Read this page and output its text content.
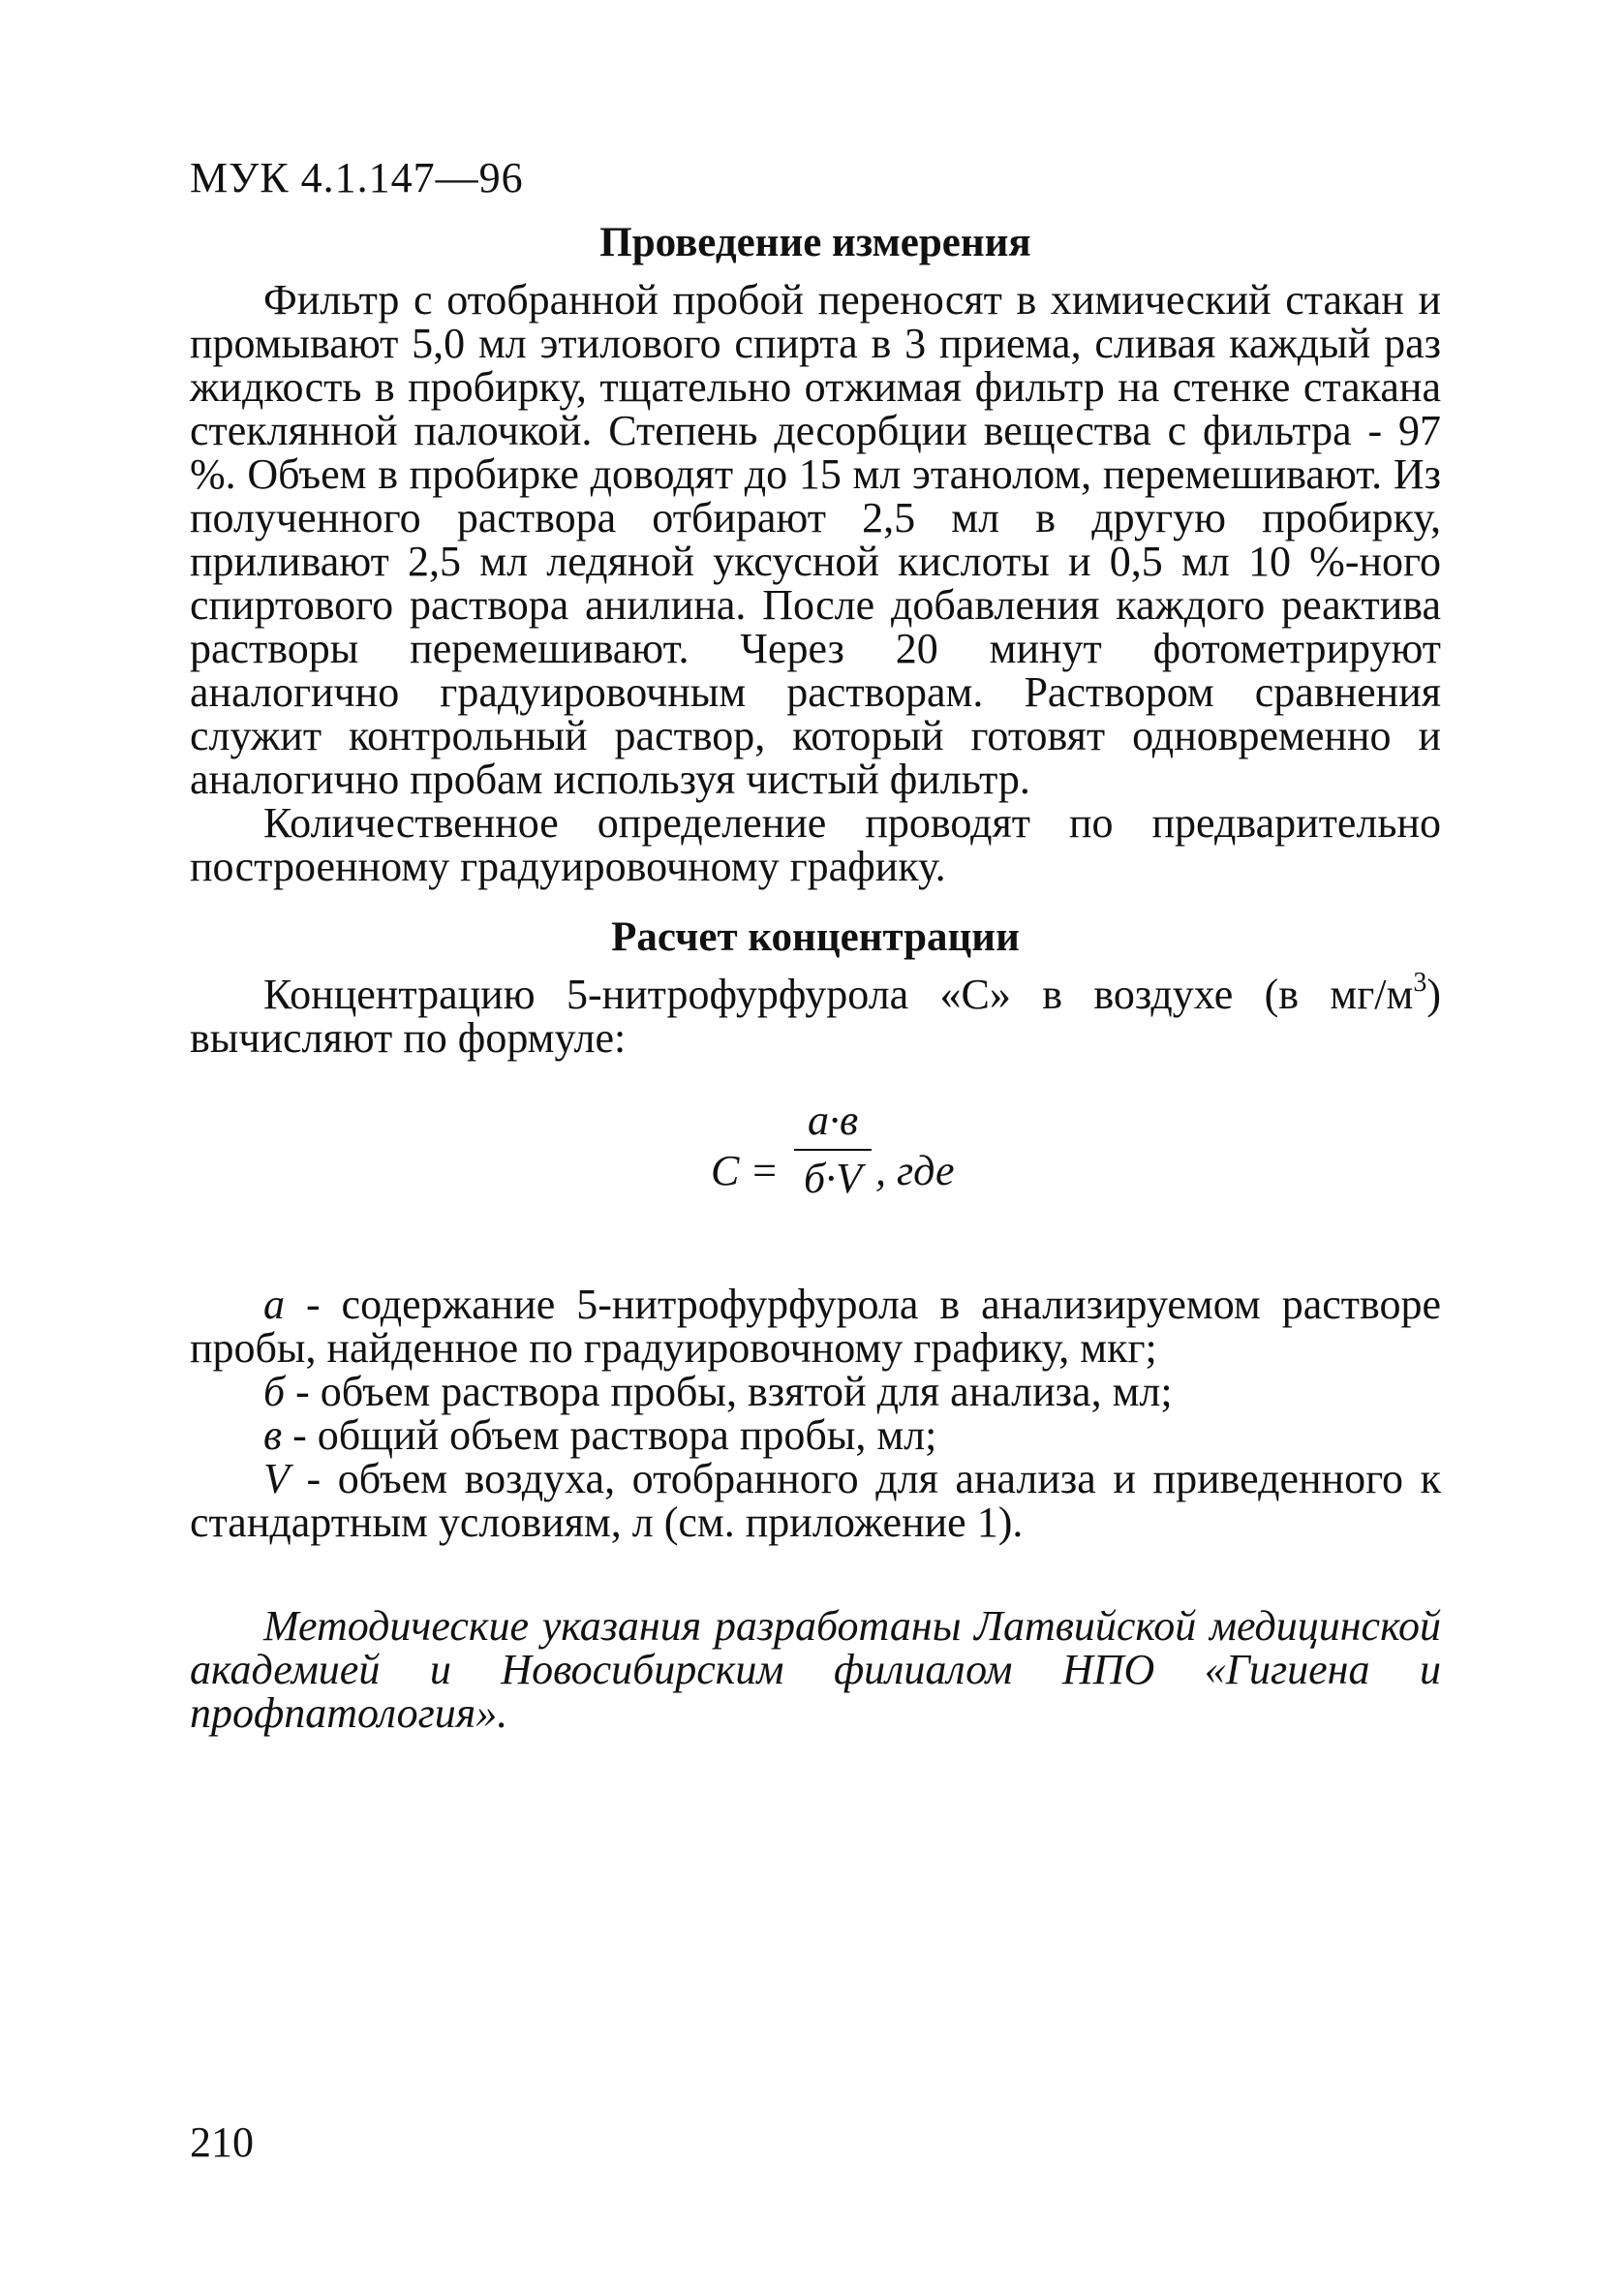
МУК 4.1.147—96
Проведение измерения

Фильтр с отобранной пробой переносят в химический стакан и промывают 5,0 мл этилового спирта в 3 приема, сливая каждый раз жидкость в пробирку, тщательно отжимая фильтр на стенке стакана стеклянной палочкой. Степень десорбции вещества с фильтра - 97 %. Объем в пробирке доводят до 15 мл этанолом, перемешивают. Из полученного раствора отбирают 2,5 мл в другую пробирку, приливают 2,5 мл ледяной уксусной кислоты и 0,5 мл 10 %-ного спиртового раствора анилина. После добавления каждого реактива растворы перемешивают. Через 20 минут фотометрируют аналогично градуировочным растворам. Раствором сравнения служит контрольный раствор, который готовят одновременно и аналогично пробам используя чистый фильтр.

Количественное определение проводят по предварительно построенному градуировочному графику.

Расчет концентрации

Концентрацию 5-нитрофурфурола «C» в воздухе (в $мг/м^3$) вычисляют по формуле:

C =
а·в
б·V , где

а - содержание 5-нитрофурфурола в анализируемом растворе пробы, найденное по градуировочному графику, мкг;

б - объем раствора пробы, взятой для анализа, мл;

в - общий объем раствора пробы, мл;

V - объем воздуха, отобранного для анализа и приведенного к стандартным условиям, л (см. приложение 1).

Методические указания разработаны Латвийской медицинской академией и Новосибирским филиалом НПО «Гигиена и профпатология».

210
